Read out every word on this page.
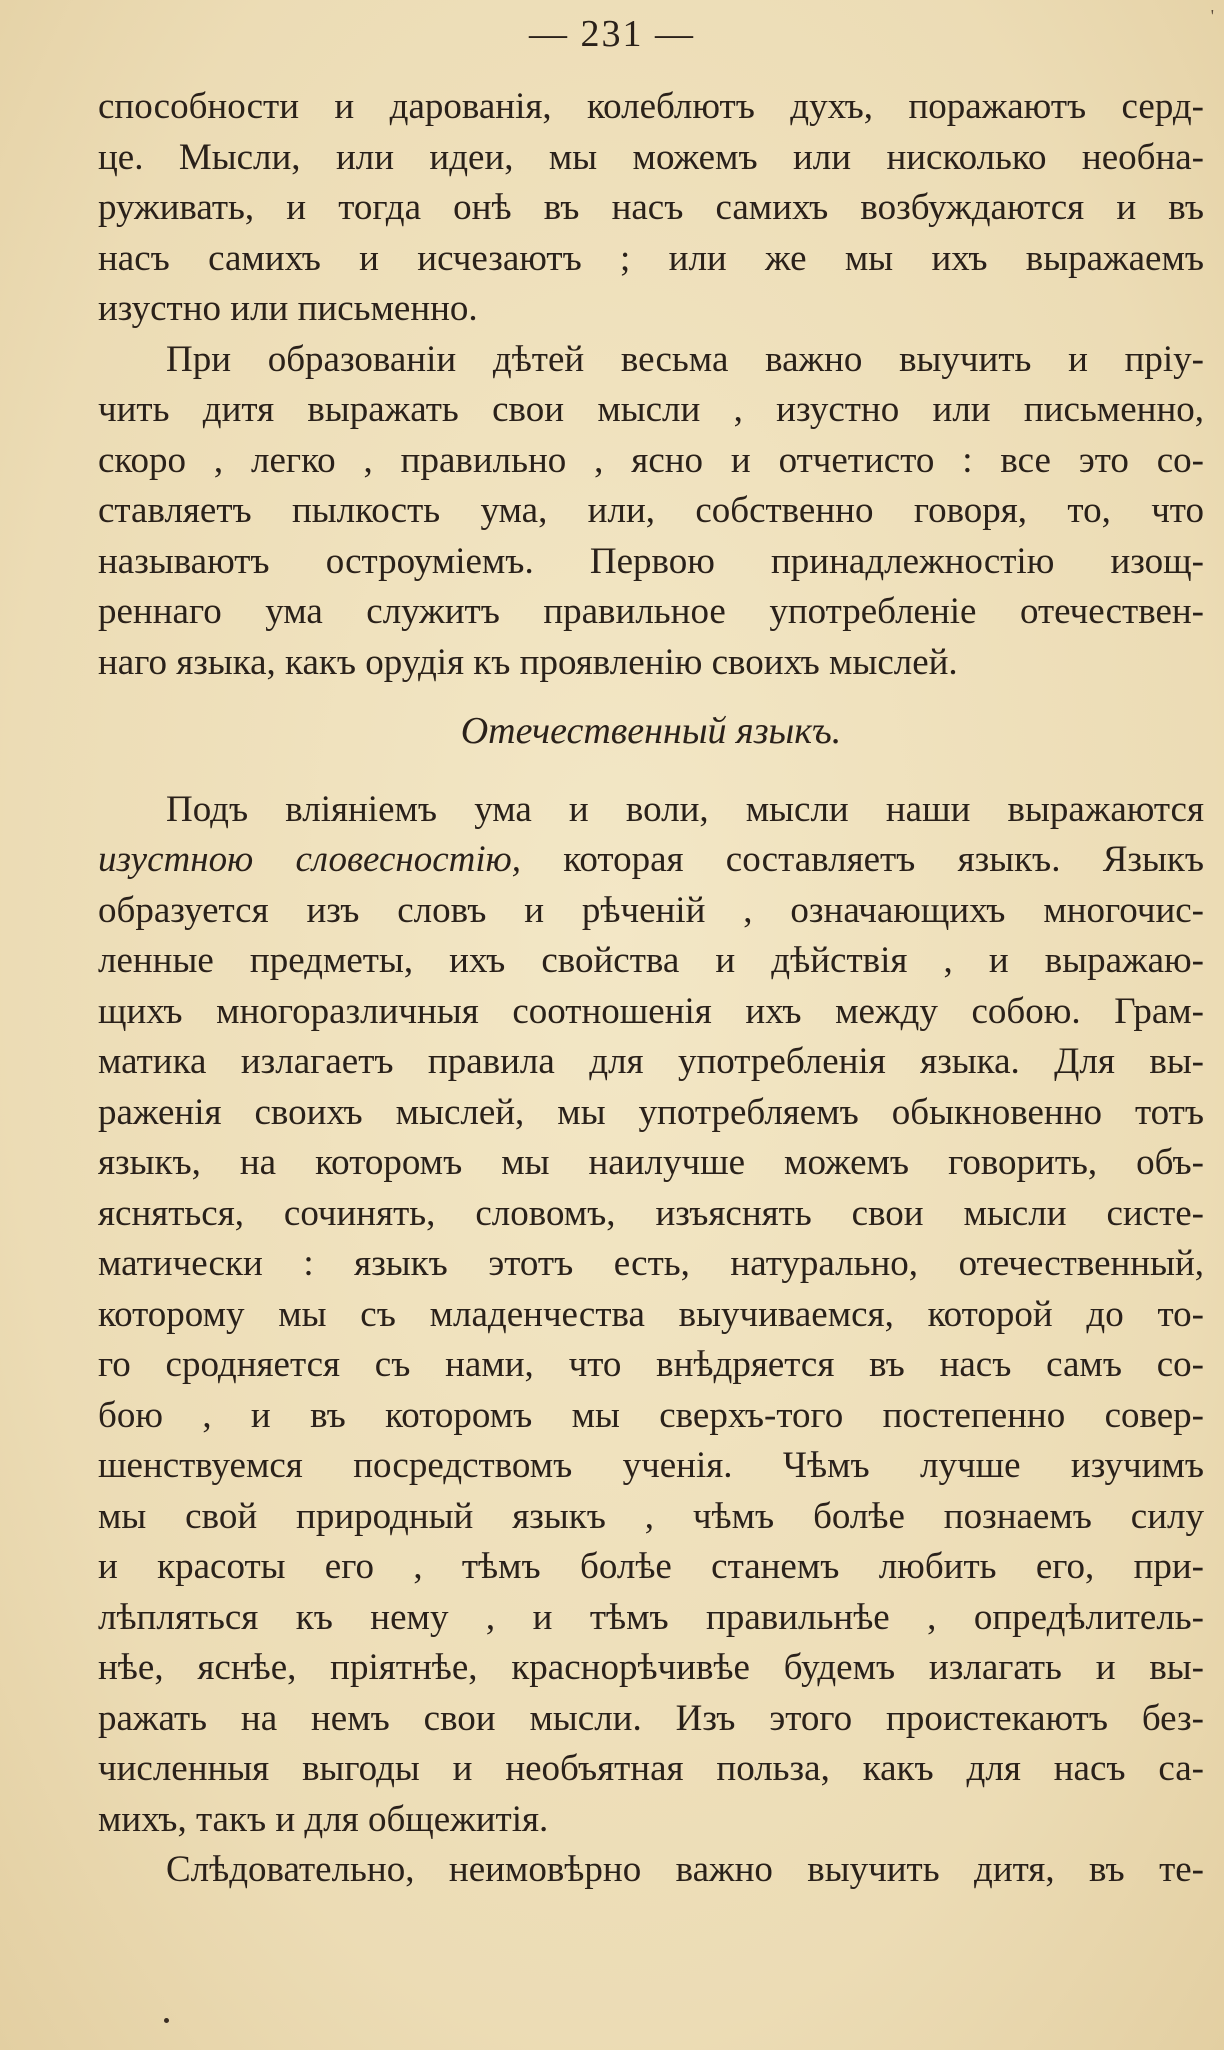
— 231 —	'
способности и дарованія, колеблютъ духъ, поражаютъ серд-
це. Мысли, или идеи, мы можемъ или нисколько необна-
руживать, и тогда онѣ въ насъ самихъ возбуждаются и въ
насъ самихъ и исчезаютъ ; или же мы ихъ выражаемъ
изустно или письменно.
При образованіи дѣтей весьма важно выучить и пріу-
чить дитя выражать свои мысли , изустно или письменно,
скоро , легко , правильно , ясно и отчетисто : все это со-
ставляетъ пылкость ума, или, собственно говоря, то, что
называютъ остроуміемъ. Первою принадлежностію изощ-
реннаго ума служитъ правильное употребленіе отечествен-
наго языка, какъ орудія къ проявленію своихъ мыслей.
Отечественный языкъ.
Подъ вліяніемъ ума и воли, мысли наши выражаются
изустною словесностію, которая составляетъ языкъ. Языкъ
образуется изъ словъ и рѣченій , означающихъ многочис-
ленные предметы, ихъ свойства и дѣйствія , и выражаю-
щихъ многоразличныя соотношенія ихъ между собою. Грам-
матика излагаетъ правила для употребленія языка. Для вы-
раженія своихъ мыслей, мы употребляемъ обыкновенно тотъ
языкъ, на которомъ мы наилучше можемъ говорить, объ-
ясняться, сочинять, словомъ, изъяснять свои мысли систе-
матически : языкъ этотъ есть, натурально, отечественный,
которому мы съ младенчества выучиваемся, которой до то-
го сродняется съ нами, что внѣдряется въ насъ самъ со-
бою , и въ которомъ мы сверхъ-того постепенно совер-
шенствуемся посредствомъ ученія. Чѣмъ лучше изучимъ
мы свой природный языкъ , чѣмъ болѣе познаемъ силу
и красоты его , тѣмъ болѣе станемъ любить его, при-
лѣпляться къ нему , и тѣмъ правильнѣе , опредѣлитель-
нѣе, яснѣе, пріятнѣе, краснорѣчивѣе будемъ излагать и вы-
ражать на немъ свои мысли. Изъ этого проистекаютъ без-
численныя выгоды и необъятная польза, какъ для насъ са-
михъ, такъ и для общежитія.
Слѣдовательно, неимовѣрно важно выучить дитя, въ те-
